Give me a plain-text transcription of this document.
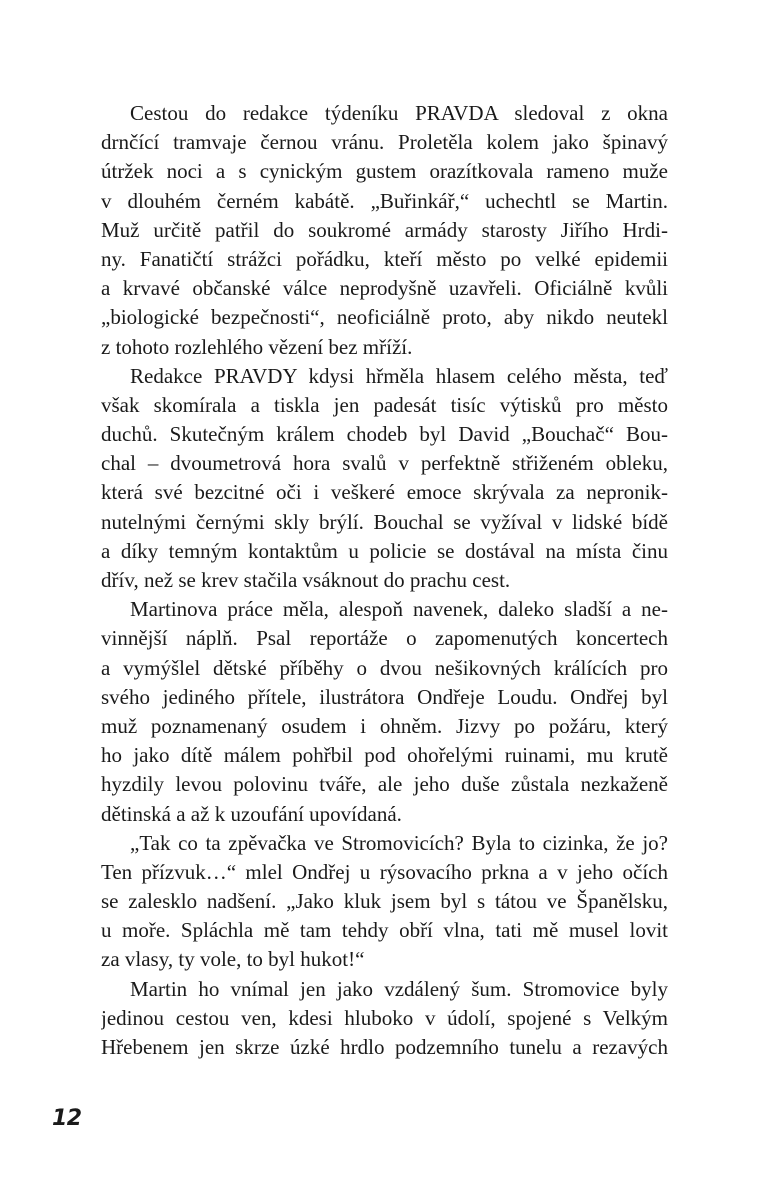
Cestou do redakce týdeníku PRAVDA sledoval z okna
drnčící tramvaje černou vránu. Proletěla kolem jako špinavý
útržek noci a s cynickým gustem orazítkovala rameno muže
v dlouhém černém kabátě. „Buřinkář,“ uchechtl se Martin.
Muž určitě patřil do soukromé armády starosty Jiřího Hrdi-
ny. Fanatičtí strážci pořádku, kteří město po velké epidemii
a krvavé občanské válce neprodyšně uzavřeli. Oficiálně kvůli
„biologické bezpečnosti“, neoficiálně proto, aby nikdo neutekl
z tohoto rozlehlého vězení bez mříží.
Redakce PRAVDY kdysi hřměla hlasem celého města, teď
však skomírala a tiskla jen padesát tisíc výtisků pro město
duchů. Skutečným králem chodeb byl David „Bouchač“ Bou-
chal – dvoumetrová hora svalů v perfektně střiženém obleku,
která své bezcitné oči i veškeré emoce skrývala za nepronik-
nutelnými černými skly brýlí. Bouchal se vyžíval v lidské bídě
a díky temným kontaktům u policie se dostával na místa činu
dřív, než se krev stačila vsáknout do prachu cest.
Martinova práce měla, alespoň navenek, daleko sladší a ne-
vinnější náplň. Psal reportáže o zapomenutých koncertech
a vymýšlel dětské příběhy o dvou nešikovných králících pro
svého jediného přítele, ilustrátora Ondřeje Loudu. Ondřej byl
muž poznamenaný osudem i ohněm. Jizvy po požáru, který
ho jako dítě málem pohřbil pod ohořelými ruinami, mu krutě
hyzdily levou polovinu tváře, ale jeho duše zůstala nezkaženě
dětinská a až k uzoufání upovídaná.
„Tak co ta zpěvačka ve Stromovicích? Byla to cizinka, že jo?
Ten přízvuk…“ mlel Ondřej u rýsovacího prkna a v jeho očích
se zalesklo nadšení. „Jako kluk jsem byl s tátou ve Španělsku,
u moře. Spláchla mě tam tehdy obří vlna, tati mě musel lovit
za vlasy, ty vole, to byl hukot!“
Martin ho vnímal jen jako vzdálený šum. Stromovice byly
jedinou cestou ven, kdesi hluboko v údolí, spojené s Velkým
Hřebenem jen skrze úzké hrdlo podzemního tunelu a rezavých
12
